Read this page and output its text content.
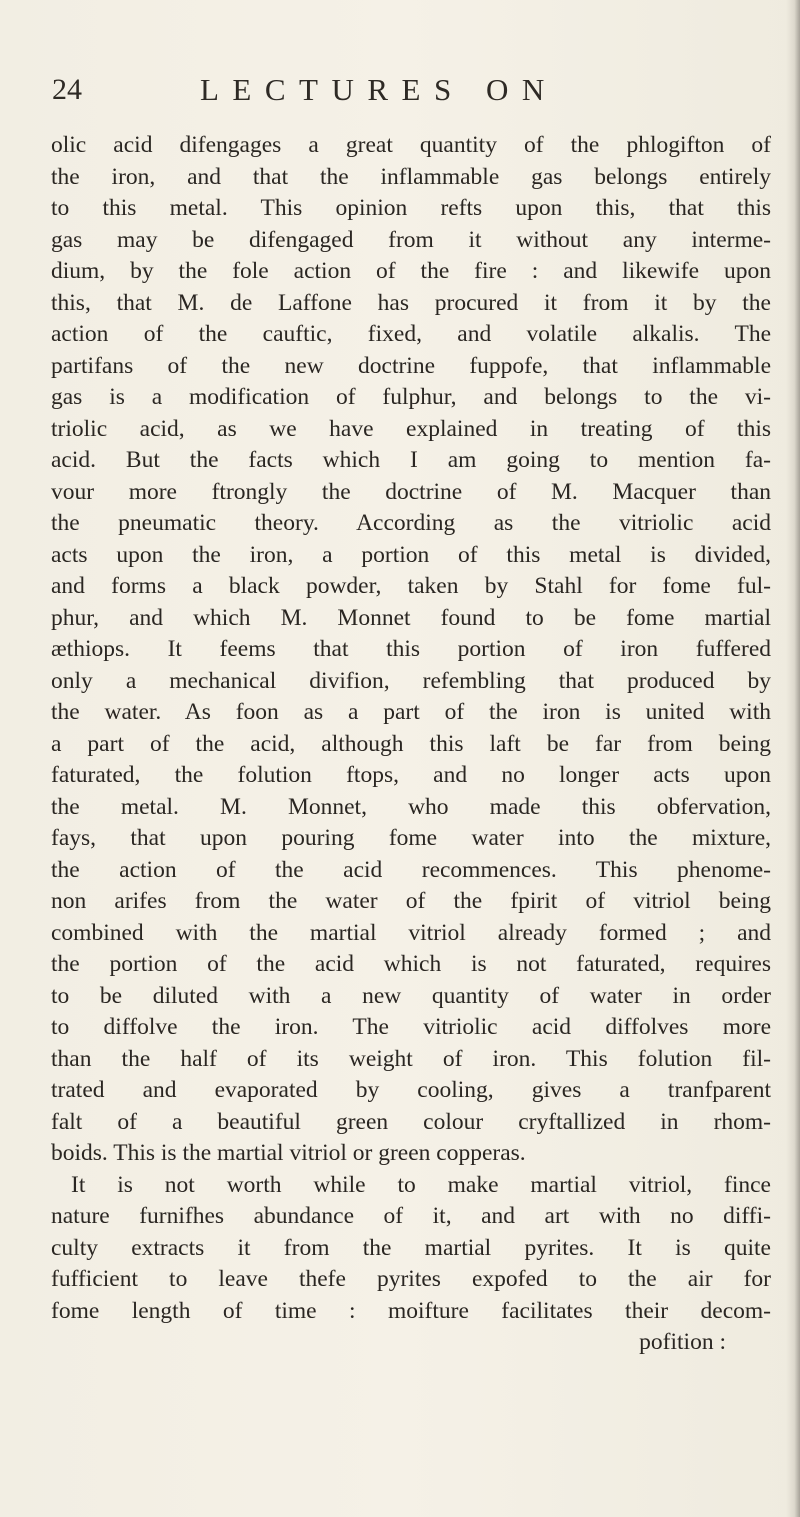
24	LECTURES ON
olic acid difengages a great quantity of the phlogifton of
the iron, and that the inflammable gas belongs entirely
to this metal. This opinion refts upon this, that this
gas may be difengaged from it without any interme-
dium, by the fole action of the fire : and likewife upon
this, that M. de Laffone has procured it from it by the
action of the cauftic, fixed, and volatile alkalis. The
partifans of the new doctrine fuppofe, that inflammable
gas is a modification of fulphur, and belongs to the vi-
triolic acid, as we have explained in treating of this
acid. But the facts which I am going to mention fa-
vour more ftrongly the doctrine of M. Macquer than
the pneumatic theory. According as the vitriolic acid
acts upon the iron, a portion of this metal is divided,
and forms a black powder, taken by Stahl for fome ful-
phur, and which M. Monnet found to be fome martial
æthiops. It feems that this portion of iron fuffered
only a mechanical divifion, refembling that produced by
the water. As foon as a part of the iron is united with
a part of the acid, although this laft be far from being
faturated, the folution ftops, and no longer acts upon
the metal. M. Monnet, who made this obfervation,
fays, that upon pouring fome water into the mixture,
the action of the acid recommences. This phenome-
non arifes from the water of the fpirit of vitriol being
combined with the martial vitriol already formed ; and
the portion of the acid which is not faturated, requires
to be diluted with a new quantity of water in order
to diffolve the iron. The vitriolic acid diffolves more
than the half of its weight of iron. This folution fil-
trated and evaporated by cooling, gives a tranfparent
falt of a beautiful green colour cryftallized in rhom-
boids. This is the martial vitriol or green copperas.
It is not worth while to make martial vitriol, fince
nature furnifhes abundance of it, and art with no diffi-
culty extracts it from the martial pyrites. It is quite
fufficient to leave thefe pyrites expofed to the air for
fome length of time : moifture facilitates their decom-
pofition :
